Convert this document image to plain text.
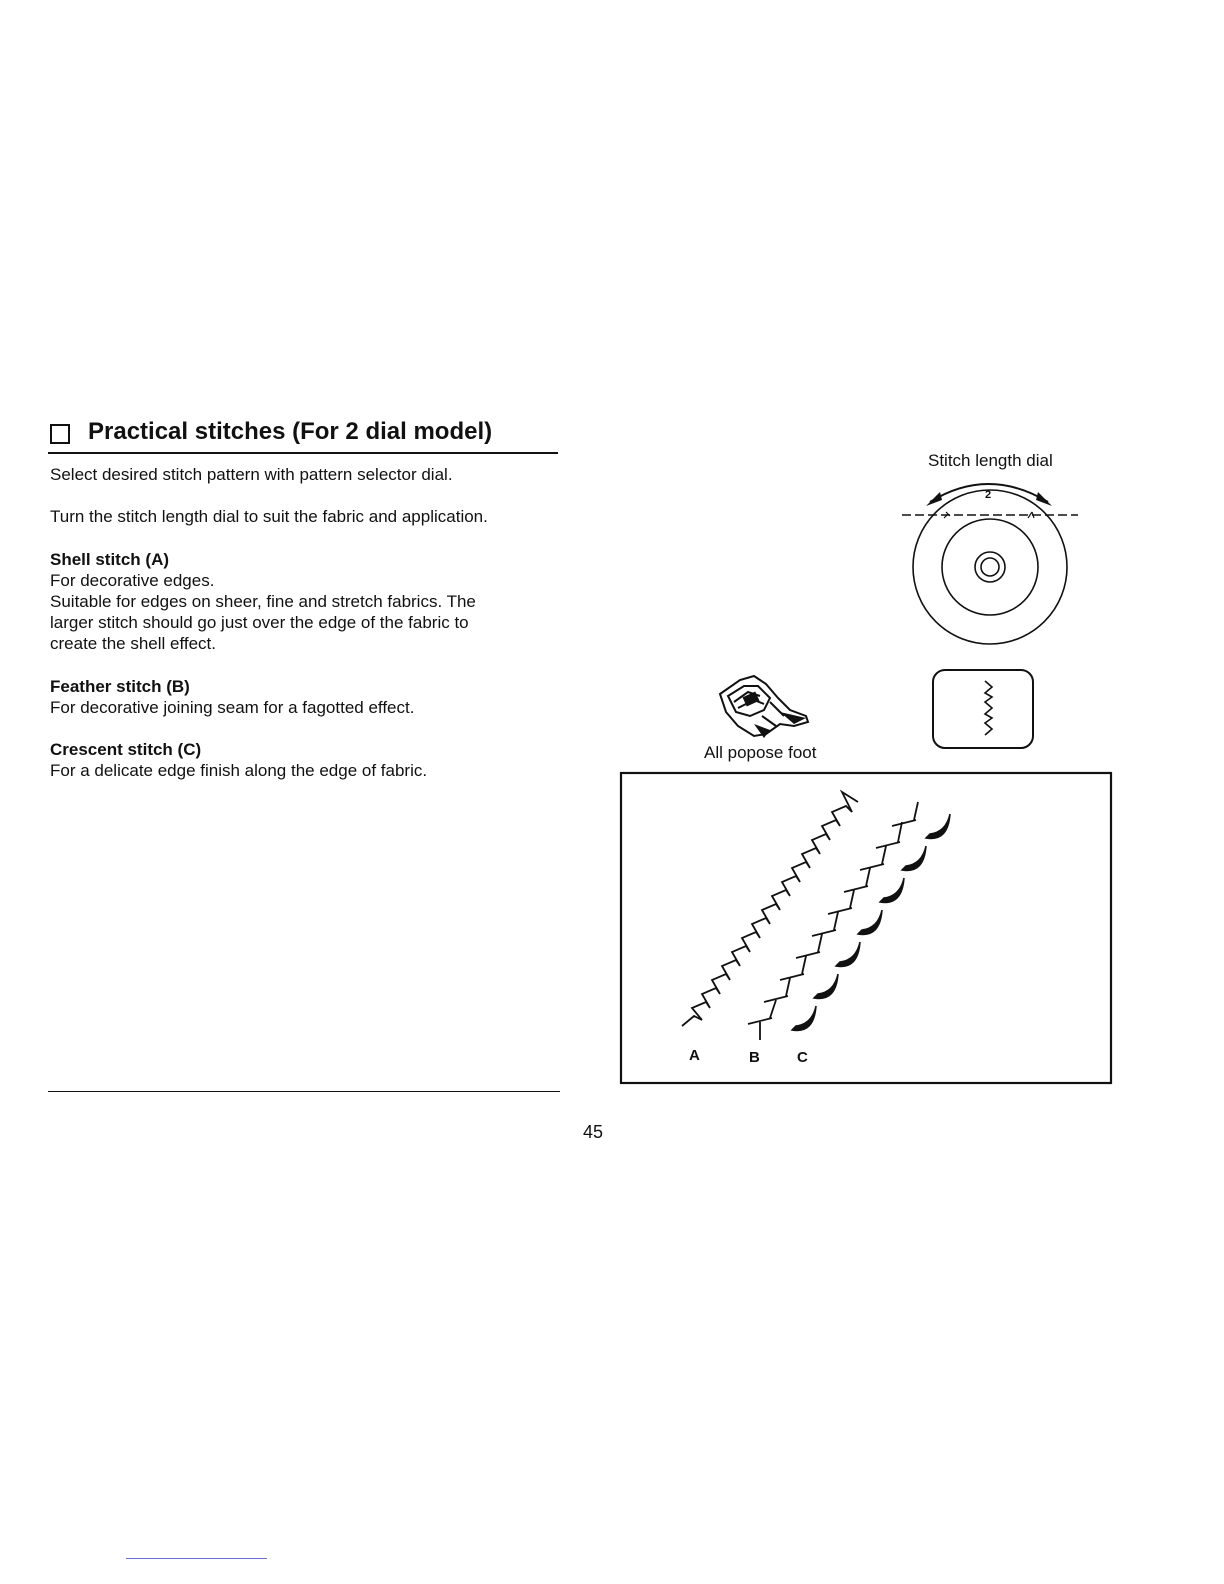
Practical stitches (For 2 dial model)
Select desired stitch pattern with pattern selector dial.
Turn the stitch length dial to suit the fabric and application.
Shell stitch (A)
For decorative edges.
Suitable for edges on sheer, fine and stretch fabrics. The
larger stitch should go just over the edge of the fabric to
create the shell effect.
Feather stitch (B)
For decorative joining seam for a fagotted effect.
Crescent stitch (C)
For a delicate edge finish along the edge of fabric.
45
Stitch length dial
2
All popose foot
A	B C
